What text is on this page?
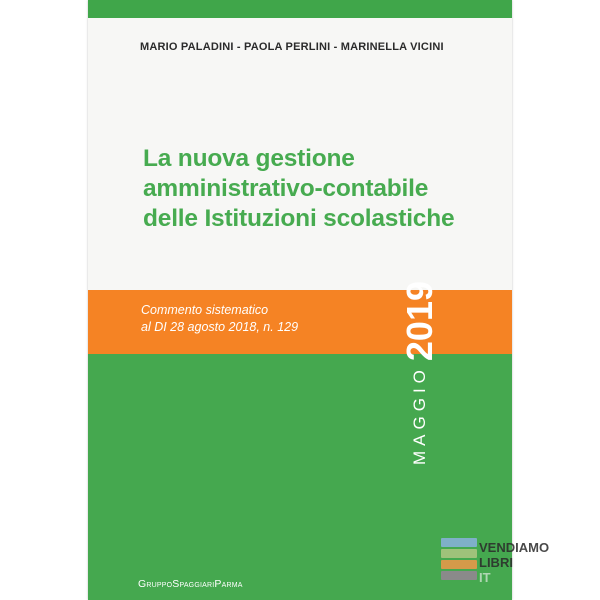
MARIO PALADINI - PAOLA PERLINI - MARINELLA VICINI
La nuova gestione
amministrativo-contabile
delle Istituzioni scolastiche
Commento sistematico
al DI 28 agosto 2018, n. 129
GruppoSpaggiariParma
MAGGIO2019
VENDIAMO
LIBRI
IT
